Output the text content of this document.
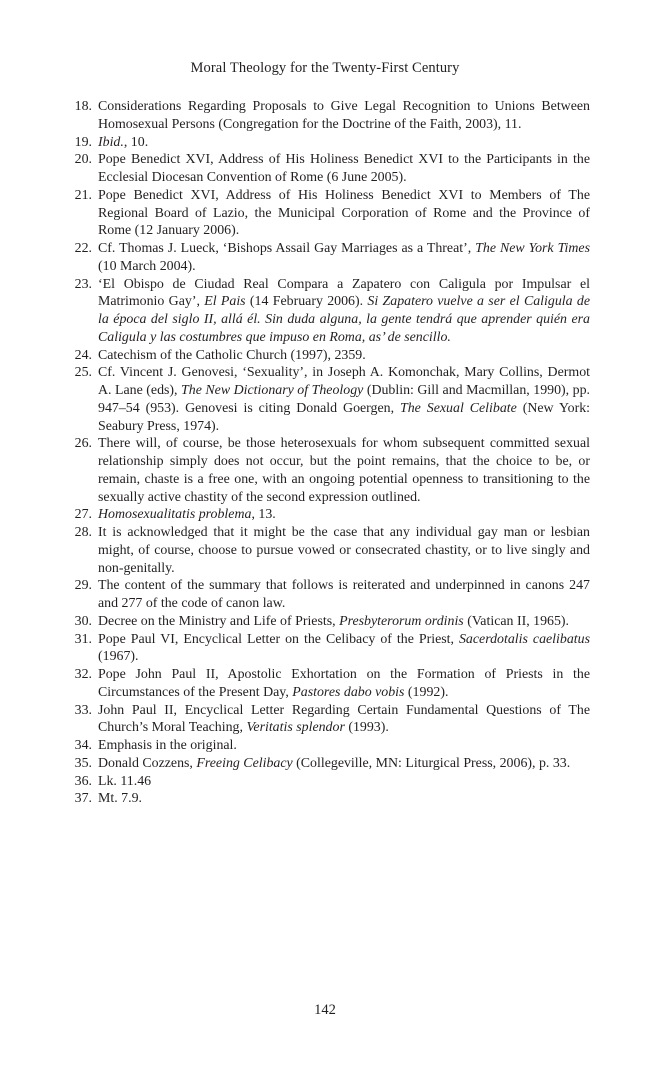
Moral Theology for the Twenty-First Century
18. Considerations Regarding Proposals to Give Legal Recognition to Unions Between Homosexual Persons (Congregation for the Doctrine of the Faith, 2003), 11.
19. Ibid., 10.
20. Pope Benedict XVI, Address of His Holiness Benedict XVI to the Participants in the Ecclesial Diocesan Convention of Rome (6 June 2005).
21. Pope Benedict XVI, Address of His Holiness Benedict XVI to Members of The Regional Board of Lazio, the Municipal Corporation of Rome and the Province of Rome (12 January 2006).
22. Cf. Thomas J. Lueck, ‘Bishops Assail Gay Marriages as a Threat’, The New York Times (10 March 2004).
23. ‘El Obispo de Ciudad Real Compara a Zapatero con Caligula por Impulsar el Matrimonio Gay’, El Pais (14 February 2006). Si Zapatero vuelve a ser el Caligula de la época del siglo II, allá él. Sin duda alguna, la gente tendrá que aprender quién era Caligula y las costumbres que impuso en Roma, as’ de sencillo.
24. Catechism of the Catholic Church (1997), 2359.
25. Cf. Vincent J. Genovesi, ‘Sexuality’, in Joseph A. Komonchak, Mary Collins, Dermot A. Lane (eds), The New Dictionary of Theology (Dublin: Gill and Macmillan, 1990), pp. 947–54 (953). Genovesi is citing Donald Goergen, The Sexual Celibate (New York: Seabury Press, 1974).
26. There will, of course, be those heterosexuals for whom subsequent committed sexual relationship simply does not occur, but the point remains, that the choice to be, or remain, chaste is a free one, with an ongoing potential openness to transitioning to the sexually active chastity of the second expression outlined.
27. Homosexualitatis problema, 13.
28. It is acknowledged that it might be the case that any individual gay man or lesbian might, of course, choose to pursue vowed or consecrated chastity, or to live singly and non-genitally.
29. The content of the summary that follows is reiterated and underpinned in canons 247 and 277 of the code of canon law.
30. Decree on the Ministry and Life of Priests, Presbyterorum ordinis (Vatican II, 1965).
31. Pope Paul VI, Encyclical Letter on the Celibacy of the Priest, Sacerdotalis caelibatus (1967).
32. Pope John Paul II, Apostolic Exhortation on the Formation of Priests in the Circumstances of the Present Day, Pastores dabo vobis (1992).
33. John Paul II, Encyclical Letter Regarding Certain Fundamental Questions of The Church’s Moral Teaching, Veritatis splendor (1993).
34. Emphasis in the original.
35. Donald Cozzens, Freeing Celibacy (Collegeville, MN: Liturgical Press, 2006), p. 33.
36. Lk. 11.46
37. Mt. 7.9.
142
